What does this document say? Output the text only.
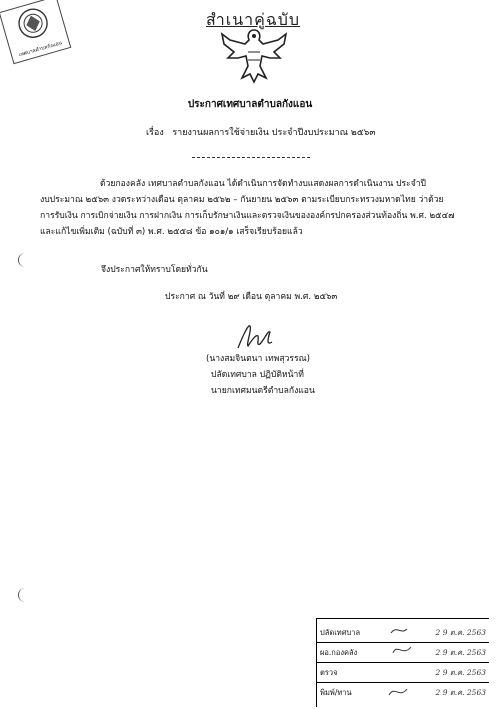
เทศบาลตำบลกังแอน
สำเนาคู่ฉบับ
ประกาศเทศบาลตำบลกังแอน
เรื่อง รายงานผลการใช้จ่ายเงิน ประจำปีงบประมาณ ๒๕๖๓
ด้วยกองคลัง เทศบาลตำบลกังแอน ได้ดำเนินการจัดทำงบแสดงผลการดำเนินงาน ประจำปี
งบประมาณ ๒๕๖๓ งวดระหว่างเดือน ตุลาคม ๒๕๖๒ – กันยายน ๒๕๖๓ ตามระเบียบกระทรวงมหาดไทย ว่าด้วย
การรับเงิน การเบิกจ่ายเงิน การฝากเงิน การเก็บรักษาเงินและตรวจเงินขององค์กรปกครองส่วนท้องถิ่น พ.ศ. ๒๕๔๗
และแก้ไขเพิ่มเติม (ฉบับที่ ๓) พ.ศ. ๒๕๕๘ ข้อ ๑๐๑/๑ เสร็จเรียบร้อยแล้ว
จึงประกาศให้ทราบโดยทั่วกัน
ประกาศ ณ วันที่ ๒๙ เดือน ตุลาคม พ.ศ. ๒๕๖๓
(นางสมจินตนา เทพสุวรรณ)
ปลัดเทศบาล ปฏิบัติหน้าที่
นายกเทศมนตรีตำบลกังแอน
ปลัดเทศบาล	2 9 ต.ค. 2563
ผอ.กองคลัง	2 9 ต.ค. 2563
ตรวจ	2 9 ต.ค. 2563
พิมพ์/ทาน	2 9 ต.ค. 2563
